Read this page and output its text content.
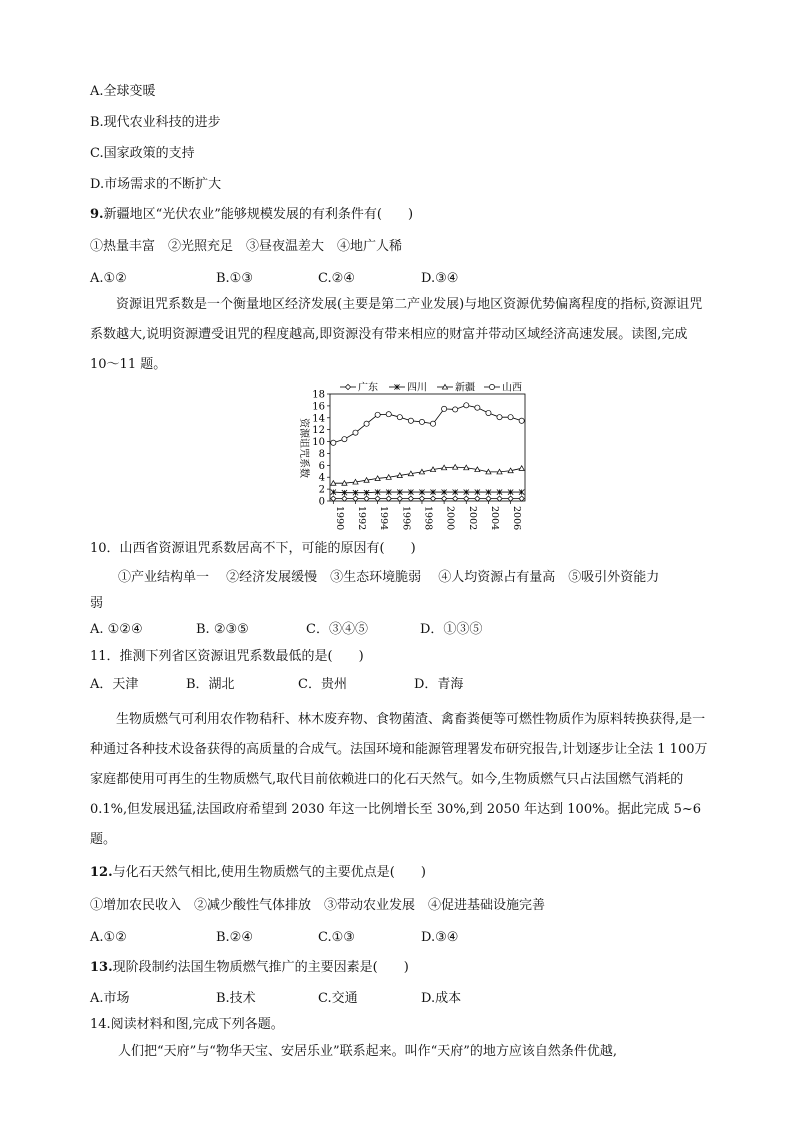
A.全球变暖
B.现代农业科技的进步
C.国家政策的支持
D.市场需求的不断扩大
9.新疆地区“光伏农业”能够规模发展的有利条件有(　　)
①热量丰富　②光照充足　③昼夜温差大　④地广人稀
A.①②	B.①③	C.②④	D.③④

资源诅咒系数是一个衡量地区经济发展(主要是第二产业发展)与地区资源优势偏离程度的指标,资源诅咒系数越大,说明资源遭受诅咒的程度越高,即资源没有带来相应的财富并带动区域经济高速发展。读图,完成 10～11 题。

广东	四川	新疆	山西
0
2
4
6
8
10
12
14
16
18
1990 1992 1994 1996 1998 2000 2002 2004 2006
资源诅咒系数
10．山西省资源诅咒系数居高不下，可能的原因有(　　)
①产业结构单一　 ②经济发展缓慢　③生态环境脆弱　 ④人均资源占有量高　⑤吸引外资能力
弱
A. ①②④	B. ②③⑤	C．③④⑤	D．①③⑤
11．推测下列省区资源诅咒系数最低的是(　　)
A．天津	B．湖北	C．贵州	D．青海

生物质燃气可利用农作物秸秆、林木废弃物、食物菌渣、禽畜粪便等可燃性物质作为原料转换获得,是一种通过各种技术设备获得的高质量的合成气。法国环境和能源管理署发布研究报告,计划逐步让全法 1 100万家庭都使用可再生的生物质燃气,取代目前依赖进口的化石天然气。如今,生物质燃气只占法国燃气消耗的0.1%,但发展迅猛,法国政府希望到 2030 年这一比例增长至 30%,到 2050 年达到 100%。据此完成 5~6 题。

12.与化石天然气相比,使用生物质燃气的主要优点是(　　)
①增加农民收入　②减少酸性气体排放　③带动农业发展　④促进基础设施完善
A.①②	B.②④	C.①③	D.③④
13.现阶段制约法国生物质燃气推广的主要因素是(　　)
A.市场	B.技术	C.交通	D.成本
14.阅读材料和图,完成下列各题。
人们把“天府”与“物华天宝、安居乐业”联系起来。叫作“天府”的地方应该自然条件优越,
